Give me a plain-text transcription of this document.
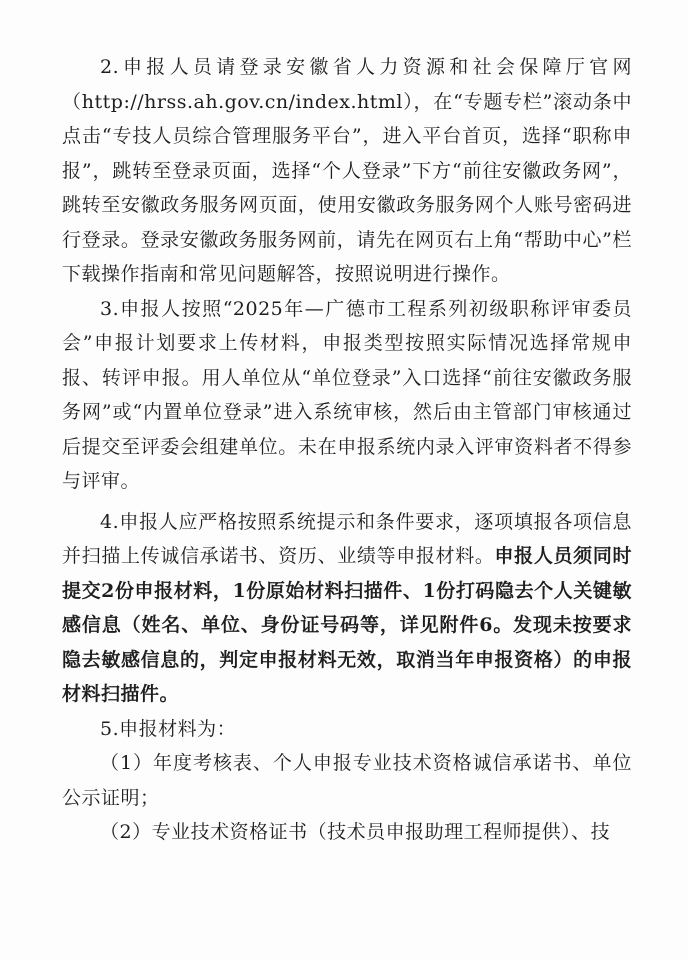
2.申报人员请登录安徽省人力资源和社会保障厅官网（http://hrss.ah.gov.cn/index.html），在“专题专栏”滚动条中点击“专技人员综合管理服务平台”，进入平台首页，选择“职称申报”，跳转至登录页面，选择“个人登录”下方“前往安徽政务网”，跳转至安徽政务服务网页面，使用安徽政务服务网个人账号密码进行登录。登录安徽政务服务网前，请先在网页右上角“帮助中心”栏下载操作指南和常见问题解答，按照说明进行操作。

3.申报人按照“2025年—广德市工程系列初级职称评审委员会”申报计划要求上传材料，申报类型按照实际情况选择常规申报、转评申报。用人单位从“单位登录”入口选择“前往安徽政务服务网”或“内置单位登录”进入系统审核，然后由主管部门审核通过后提交至评委会组建单位。未在申报系统内录入评审资料者不得参与评审。

4.申报人应严格按照系统提示和条件要求，逐项填报各项信息并扫描上传诚信承诺书、资历、业绩等申报材料。申报人员须同时提交2份申报材料，1份原始材料扫描件、1份打码隐去个人关键敏感信息（姓名、单位、身份证号码等，详见附件6。发现未按要求隐去敏感信息的，判定申报材料无效，取消当年申报资格）的申报材料扫描件。

5.申报材料为：

（1）年度考核表、个人申报专业技术资格诚信承诺书、单位公示证明；

（2）专业技术资格证书（技术员申报助理工程师提供）、技
